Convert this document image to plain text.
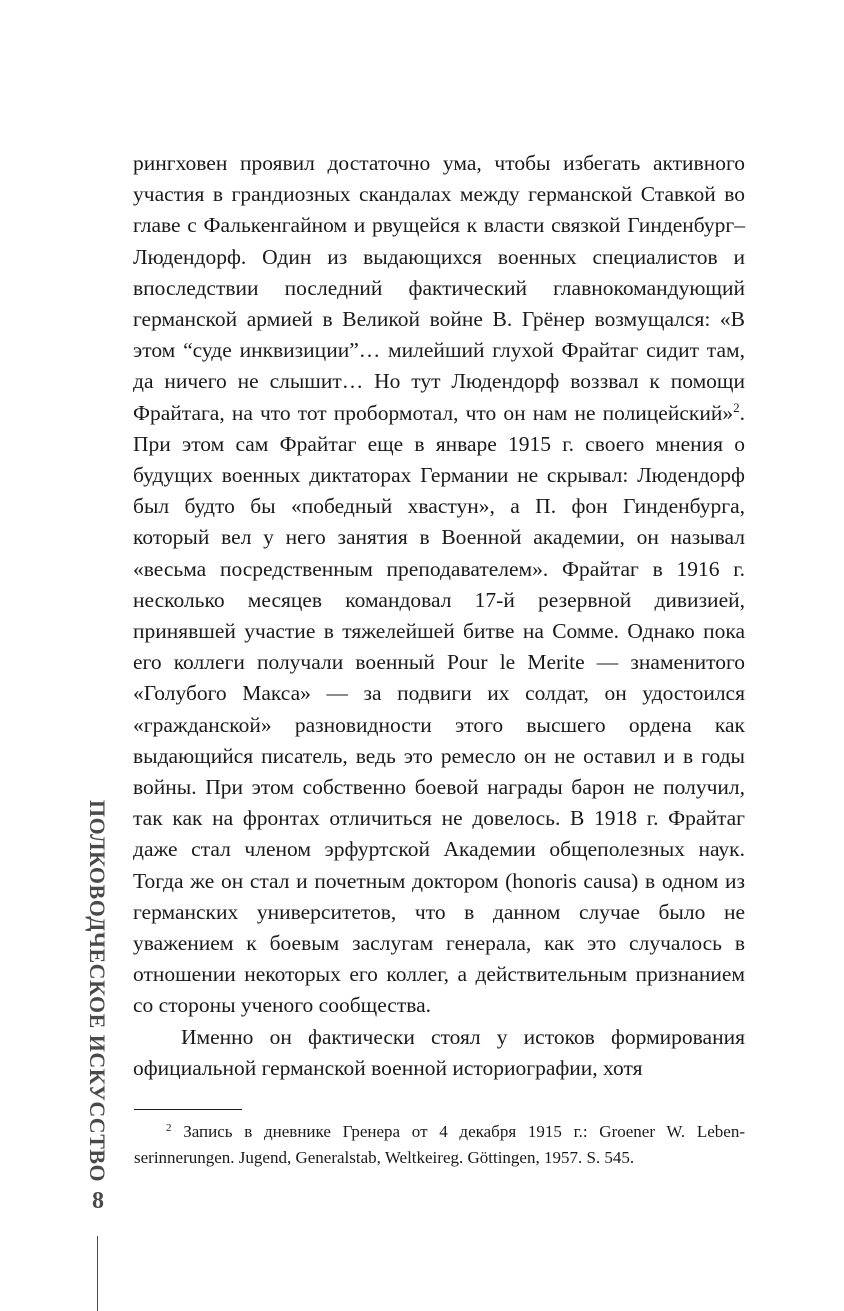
рингховен проявил достаточно ума, чтобы избегать активного участия в грандиозных скандалах между германской Ставкой во главе с Фалькенгайном и рвущейся к власти связкой Гинденбург–Людендорф. Один из выдающихся военных специалистов и впоследствии последний фактический главнокомандующий германской армией в Великой войне В. Грёнер возмущался: «В этом “суде инквизиции”… милейший глухой Фрайтаг сидит там, да ничего не слышит… Но тут Людендорф воззвал к помощи Фрайтага, на что тот пробормотал, что он нам не полицейский»$^2$. При этом сам Фрайтаг еще в январе 1915 г. своего мнения о будущих военных диктаторах Германии не скрывал: Людендорф был будто бы «победный хвастун», а П. фон Гинденбурга, который вел у него занятия в Военной академии, он называл «весьма посредственным преподавателем». Фрайтаг в 1916 г. несколько месяцев командовал 17-й резервной дивизией, принявшей участие в тяжелейшей битве на Сомме. Однако пока его коллеги получали военный Pour le Merite — знаменитого «Голубого Макса» — за подвиги их солдат, он удостоился «гражданской» разновидности этого высшего ордена как выдающийся писатель, ведь это ремесло он не оставил и в годы войны. При этом собственно боевой награды барон не получил, так как на фронтах отличиться не довелось. В 1918 г. Фрайтаг даже стал членом эрфуртской Академии общеполезных наук. Тогда же он стал и почетным доктором (honoris causa) в одном из германских университетов, что в данном случае было не уважением к боевым заслугам генерала, как это случалось в отношении некоторых его коллег, а действительным признанием со стороны ученого сообщества.

Именно он фактически стоял у истоков формирования официальной германской военной историографии, хотя

$^2$ Запись в дневнике Гренера от 4 декабря 1915 г.: Groener W. Lebenserinnerungen. Jugend, Generalstab, Weltkeireg. Göttingen, 1957. S. 545.

ПОЛКОВОДЧЕСКОЕ ИСКУССТВО
8
